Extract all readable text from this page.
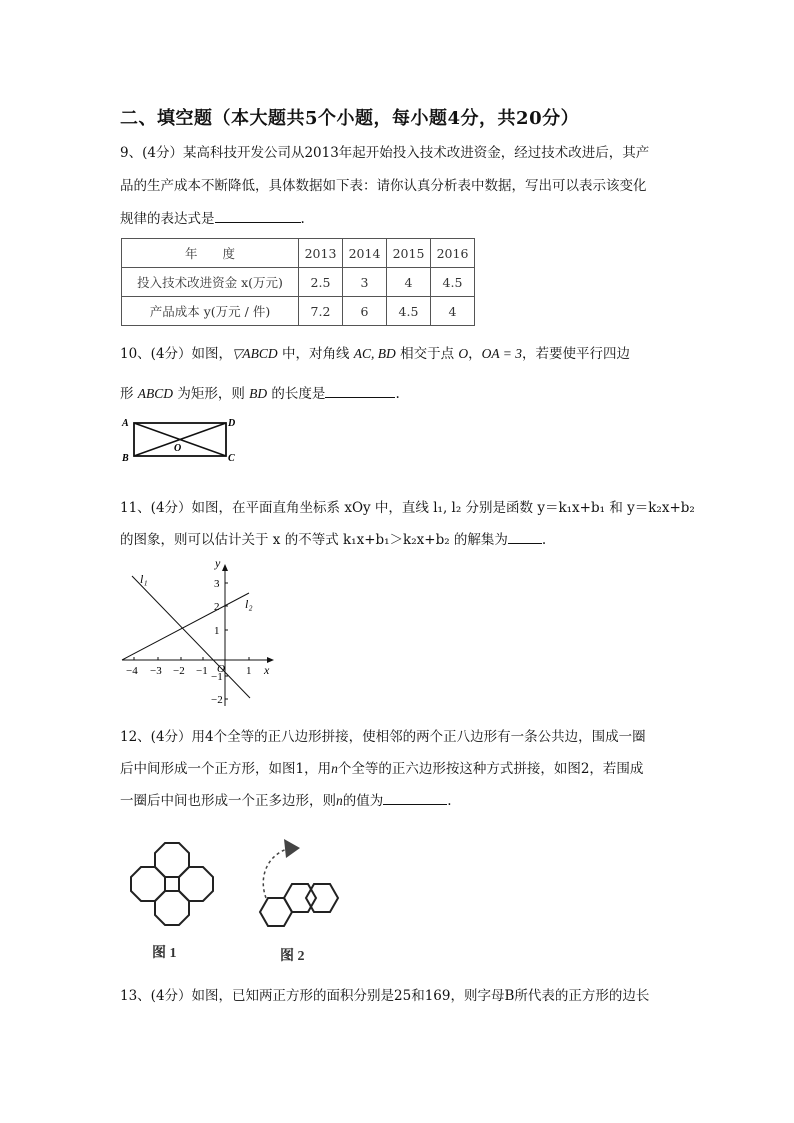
二、填空题（本大题共5个小题，每小题4分，共20分）
9、(4分）某高科技开发公司从2013年起开始投入技术改进资金，经过技术改进后，其产
品的生产成本不断降低，具体数据如下表：请你认真分析表中数据，写出可以表示该变化
规律的表达式是	.
年　　度	2013	2014	2015	2016
投入技术改进资金 x(万元)	2.5	3	4	4.5
产品成本 y(万元 / 件)	7.2	6	4.5	4
10、(4分）如图，▽ABCD 中，对角线 AC, BD 相交于点 O，OA = 3，若要使平行四边
形 ABCD 为矩形，则 BD 的长度是	.
A	D
B	C
O
11、(4分）如图，在平面直角坐标系 xOy 中，直线 l₁, l₂ 分别是函数 y＝k₁x+b₁ 和 y＝k₂x+b₂
的图象，则可以估计关于 x 的不等式 k₁x+b₁＞k₂x+b₂ 的解集为	.
−4 −3 −2 −1	1
3
2
1
−1
−2
O	x
y
l₁
l₂
12、(4分）用4个全等的正八边形拼接，使相邻的两个正八边形有一条公共边，围成一圈
后中间形成一个正方形，如图1，用n个全等的正六边形按这种方式拼接，如图2，若围成
一圈后中间也形成一个正多边形，则n的值为	.
图 1	图 2
13、(4分）如图，已知两正方形的面积分别是25和169，则字母B所代表的正方形的边长
